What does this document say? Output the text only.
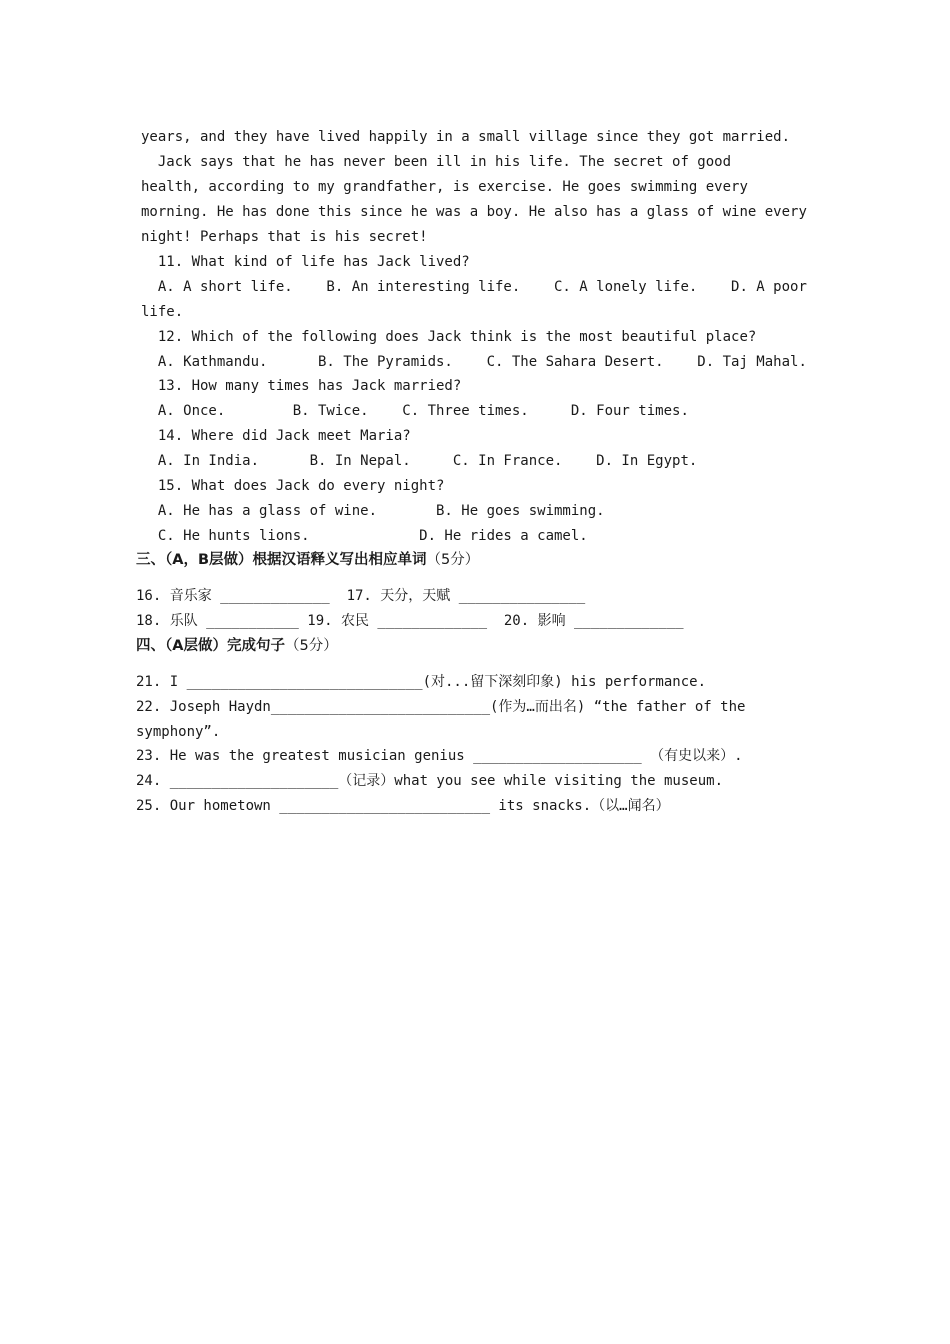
years, and they have lived happily in a small village since they got married.
Jack says that he has never been ill in his life. The secret of good
health, according to my grandfather, is exercise. He goes swimming every
morning. He has done this since he was a boy. He also has a glass of wine every
night! Perhaps that is his secret!
11. What kind of life has Jack lived?
A. A short life.    B. An interesting life.    C. A lonely life.    D. A poor
life.
12. Which of the following does Jack think is the most beautiful place?
A. Kathmandu.      B. The Pyramids.    C. The Sahara Desert.    D. Taj Mahal.
13. How many times has Jack married?
A. Once.        B. Twice.    C. Three times.     D. Four times.
14. Where did Jack meet Maria?
A. In India.      B. In Nepal.     C. In France.    D. In Egypt.
15. What does Jack do every night?
A. He has a glass of wine.       B. He goes swimming.
C. He hunts lions.             D. He rides a camel.
三、（A，B层做）根据汉语释义写出相应单词（5分）
16. 音乐家 _____________  17. 天分，天赋 _______________
18. 乐队 ___________ 19. 农民 _____________  20. 影响 _____________
四、（A层做）完成句子（5分）
21. I ____________________________(对...留下深刻印象) his performance.
22. Joseph Haydn__________________________(作为…而出名) “the father of the
symphony”.
23. He was the greatest musician genius ____________________ （有史以来）.
24. ____________________（记录）what you see while visiting the museum.
25. Our hometown _________________________ its snacks.（以…闻名）
